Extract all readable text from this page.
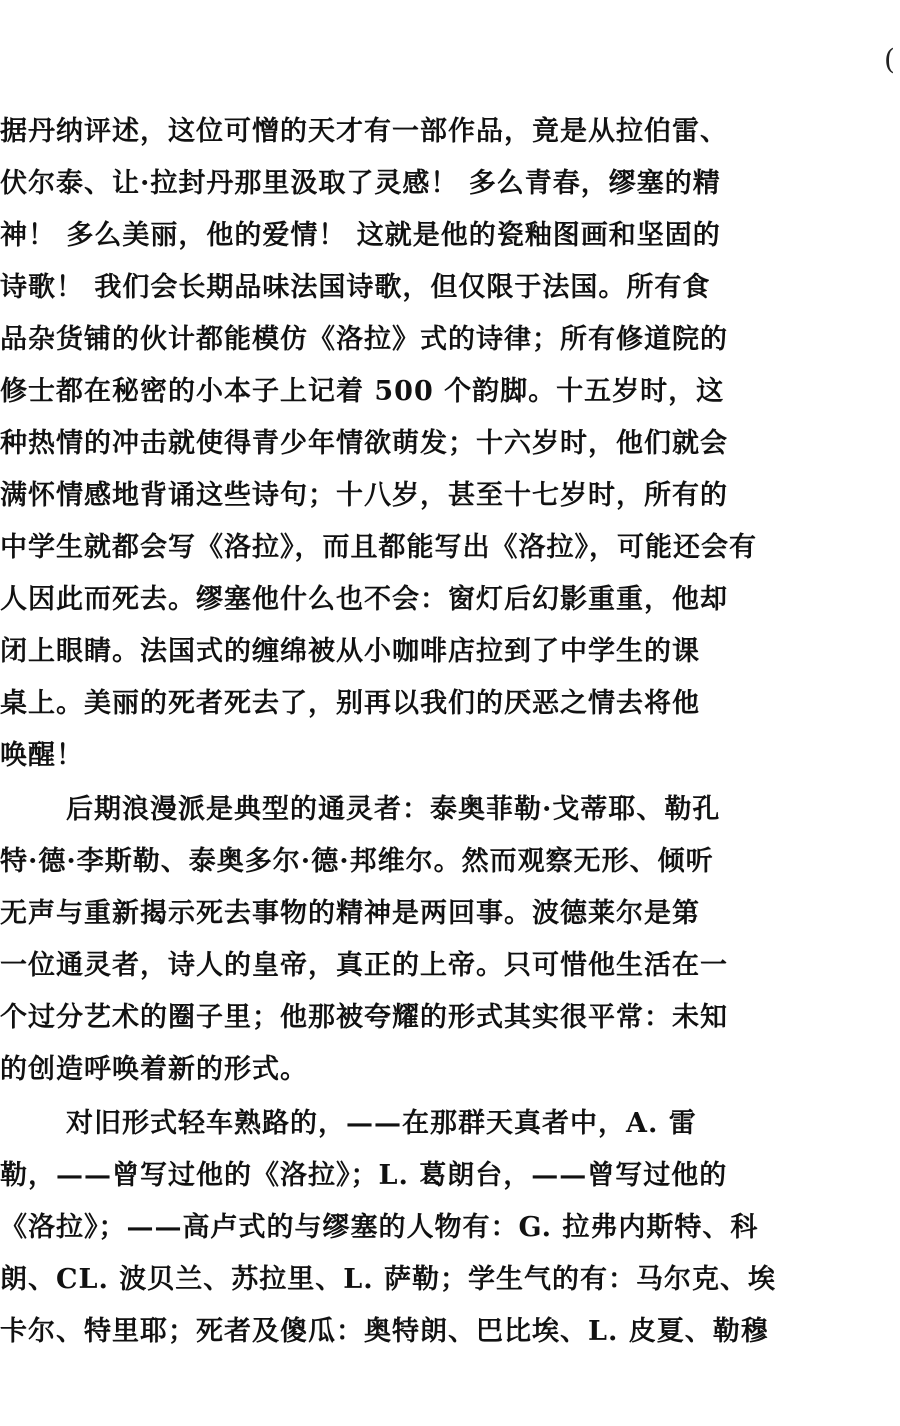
(
据丹纳评述，这位可憎的天才有一部作品，竟是从拉伯雷、
伏尔泰、让·拉封丹那里汲取了灵感！ 多么青春，缪塞的精
神！ 多么美丽，他的爱情！ 这就是他的瓷釉图画和坚固的
诗歌！ 我们会长期品味法国诗歌，但仅限于法国。所有食
品杂货铺的伙计都能模仿《洛拉》式的诗律；所有修道院的
修士都在秘密的小本子上记着 500 个韵脚。十五岁时，这
种热情的冲击就使得青少年情欲萌发；十六岁时，他们就会
满怀情感地背诵这些诗句；十八岁，甚至十七岁时，所有的
中学生就都会写《洛拉》，而且都能写出《洛拉》，可能还会有
人因此而死去。缪塞他什么也不会：窗灯后幻影重重，他却
闭上眼睛。法国式的缠绵被从小咖啡店拉到了中学生的课
桌上。美丽的死者死去了，别再以我们的厌恶之情去将他
唤醒！
后期浪漫派是典型的通灵者：泰奥菲勒·戈蒂耶、勒孔
特·德·李斯勒、泰奥多尔·德·邦维尔。然而观察无形、倾听
无声与重新揭示死去事物的精神是两回事。波德莱尔是第
一位通灵者，诗人的皇帝，真正的上帝。只可惜他生活在一
个过分艺术的圈子里；他那被夸耀的形式其实很平常：未知
的创造呼唤着新的形式。
对旧形式轻车熟路的，——在那群天真者中，A. 雷
勒，——曾写过他的《洛拉》；L. 葛朗台，——曾写过他的
《洛拉》；——高卢式的与缪塞的人物有：G. 拉弗内斯特、科
朗、CL. 波贝兰、苏拉里、L. 萨勒；学生气的有：马尔克、埃
卡尔、特里耶；死者及傻瓜：奥特朗、巴比埃、L. 皮夏、勒穆
